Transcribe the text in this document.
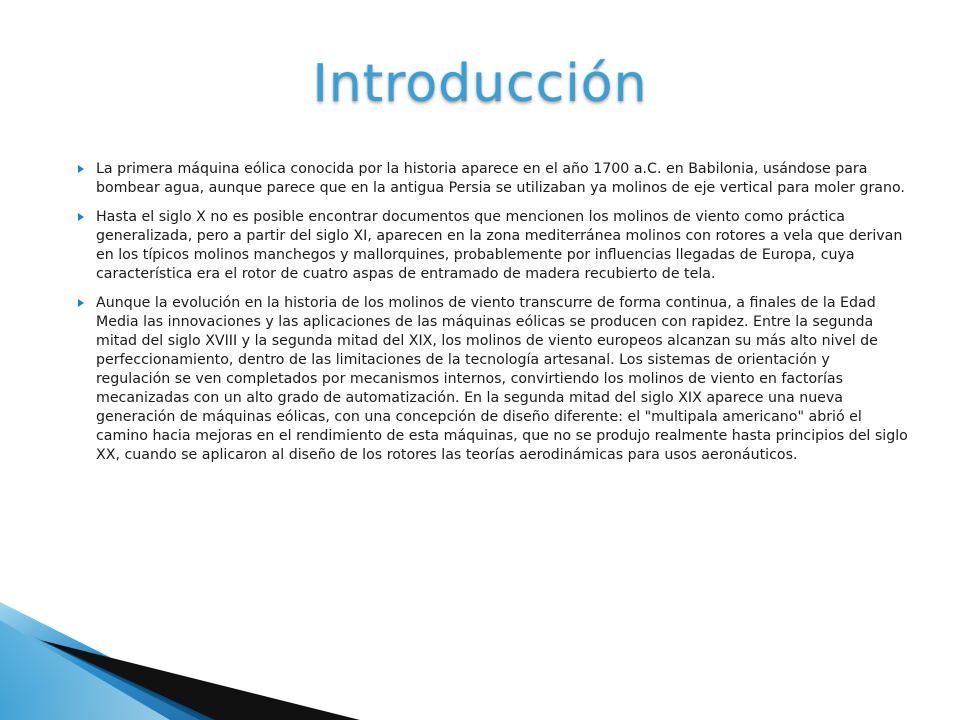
Introducción
La primera máquina eólica conocida por la historia aparece en el año 1700 a.C. en Babilonia, usándose para bombear agua, aunque parece que en la antigua Persia se utilizaban ya molinos de eje vertical para moler grano.
Hasta el siglo X no es posible encontrar documentos que mencionen los molinos de viento como práctica generalizada, pero a partir del siglo XI, aparecen en la zona mediterránea molinos con rotores a vela que derivan en los típicos molinos manchegos y mallorquines, probablemente por influencias llegadas de Europa, cuya característica era el rotor de cuatro aspas de entramado de madera recubierto de tela.
Aunque la evolución en la historia de los molinos de viento transcurre de forma continua, a finales de la Edad Media las innovaciones y las aplicaciones de las máquinas eólicas se producen con rapidez. Entre la segunda mitad del siglo XVIII y la segunda mitad del XIX, los molinos de viento europeos alcanzan su más alto nivel de perfeccionamiento, dentro de las limitaciones de la tecnología artesanal. Los sistemas de orientación y regulación se ven completados por mecanismos internos, convirtiendo los molinos de viento en factorías mecanizadas con un alto grado de automatización. En la segunda mitad del siglo XIX aparece una nueva generación de máquinas eólicas, con una concepción de diseño diferente: el "multipala americano" abrió el camino hacia mejoras en el rendimiento de esta máquinas, que no se produjo realmente hasta principios del siglo XX, cuando se aplicaron al diseño de los rotores las teorías aerodinámicas para usos aeronáuticos.
